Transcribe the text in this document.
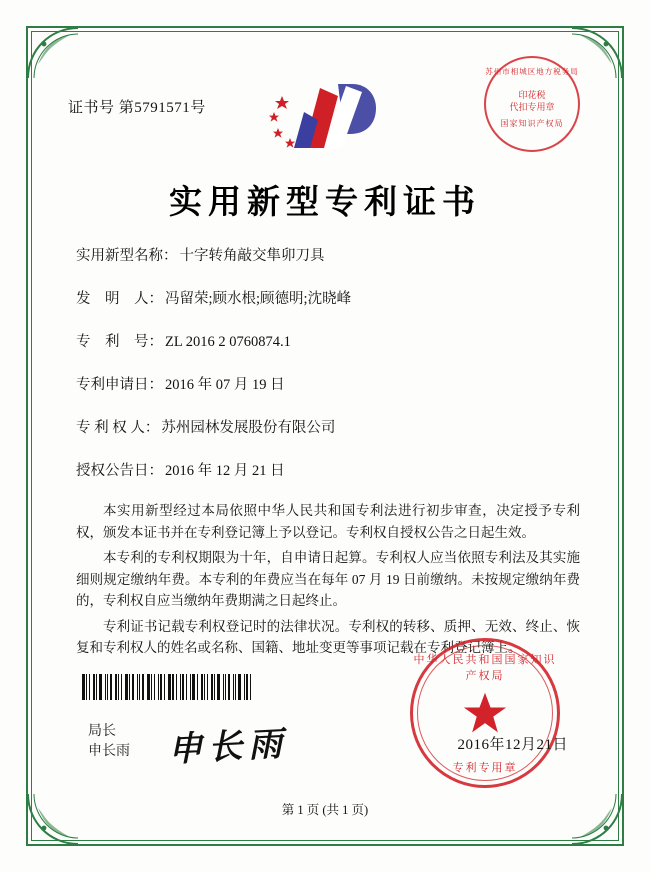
证书号 第5791571号
苏州市相城区地方税务局
印花税
代扣专用章
国家知识产权局
实用新型专利证书
实用新型名称： 十字转角敲交隼卯刀具
发　明　人： 冯留荣;顾水根;顾德明;沈晓峰
专　利　号： ZL 2016 2 0760874.1
专利申请日： 2016 年 07 月 19 日
专 利 权 人： 苏州园林发展股份有限公司
授权公告日： 2016 年 12 月 21 日

本实用新型经过本局依照中华人民共和国专利法进行初步审查，决定授予专利权，颁发本证书并在专利登记簿上予以登记。专利权自授权公告之日起生效。

本专利的专利权期限为十年，自申请日起算。专利权人应当依照专利法及其实施细则规定缴纳年费。本专利的年费应当在每年 07 月 19 日前缴纳。未按规定缴纳年费的，专利权自应当缴纳年费期满之日起终止。

专利证书记载专利权登记时的法律状况。专利权的转移、质押、无效、终止、恢复和专利权人的姓名或名称、国籍、地址变更等事项记载在专利登记簿上。

局长
申长雨 申长雨
中华人民共和国国家知识产权局
专利专用章
2016年12月21日
第 1 页 (共 1 页)
